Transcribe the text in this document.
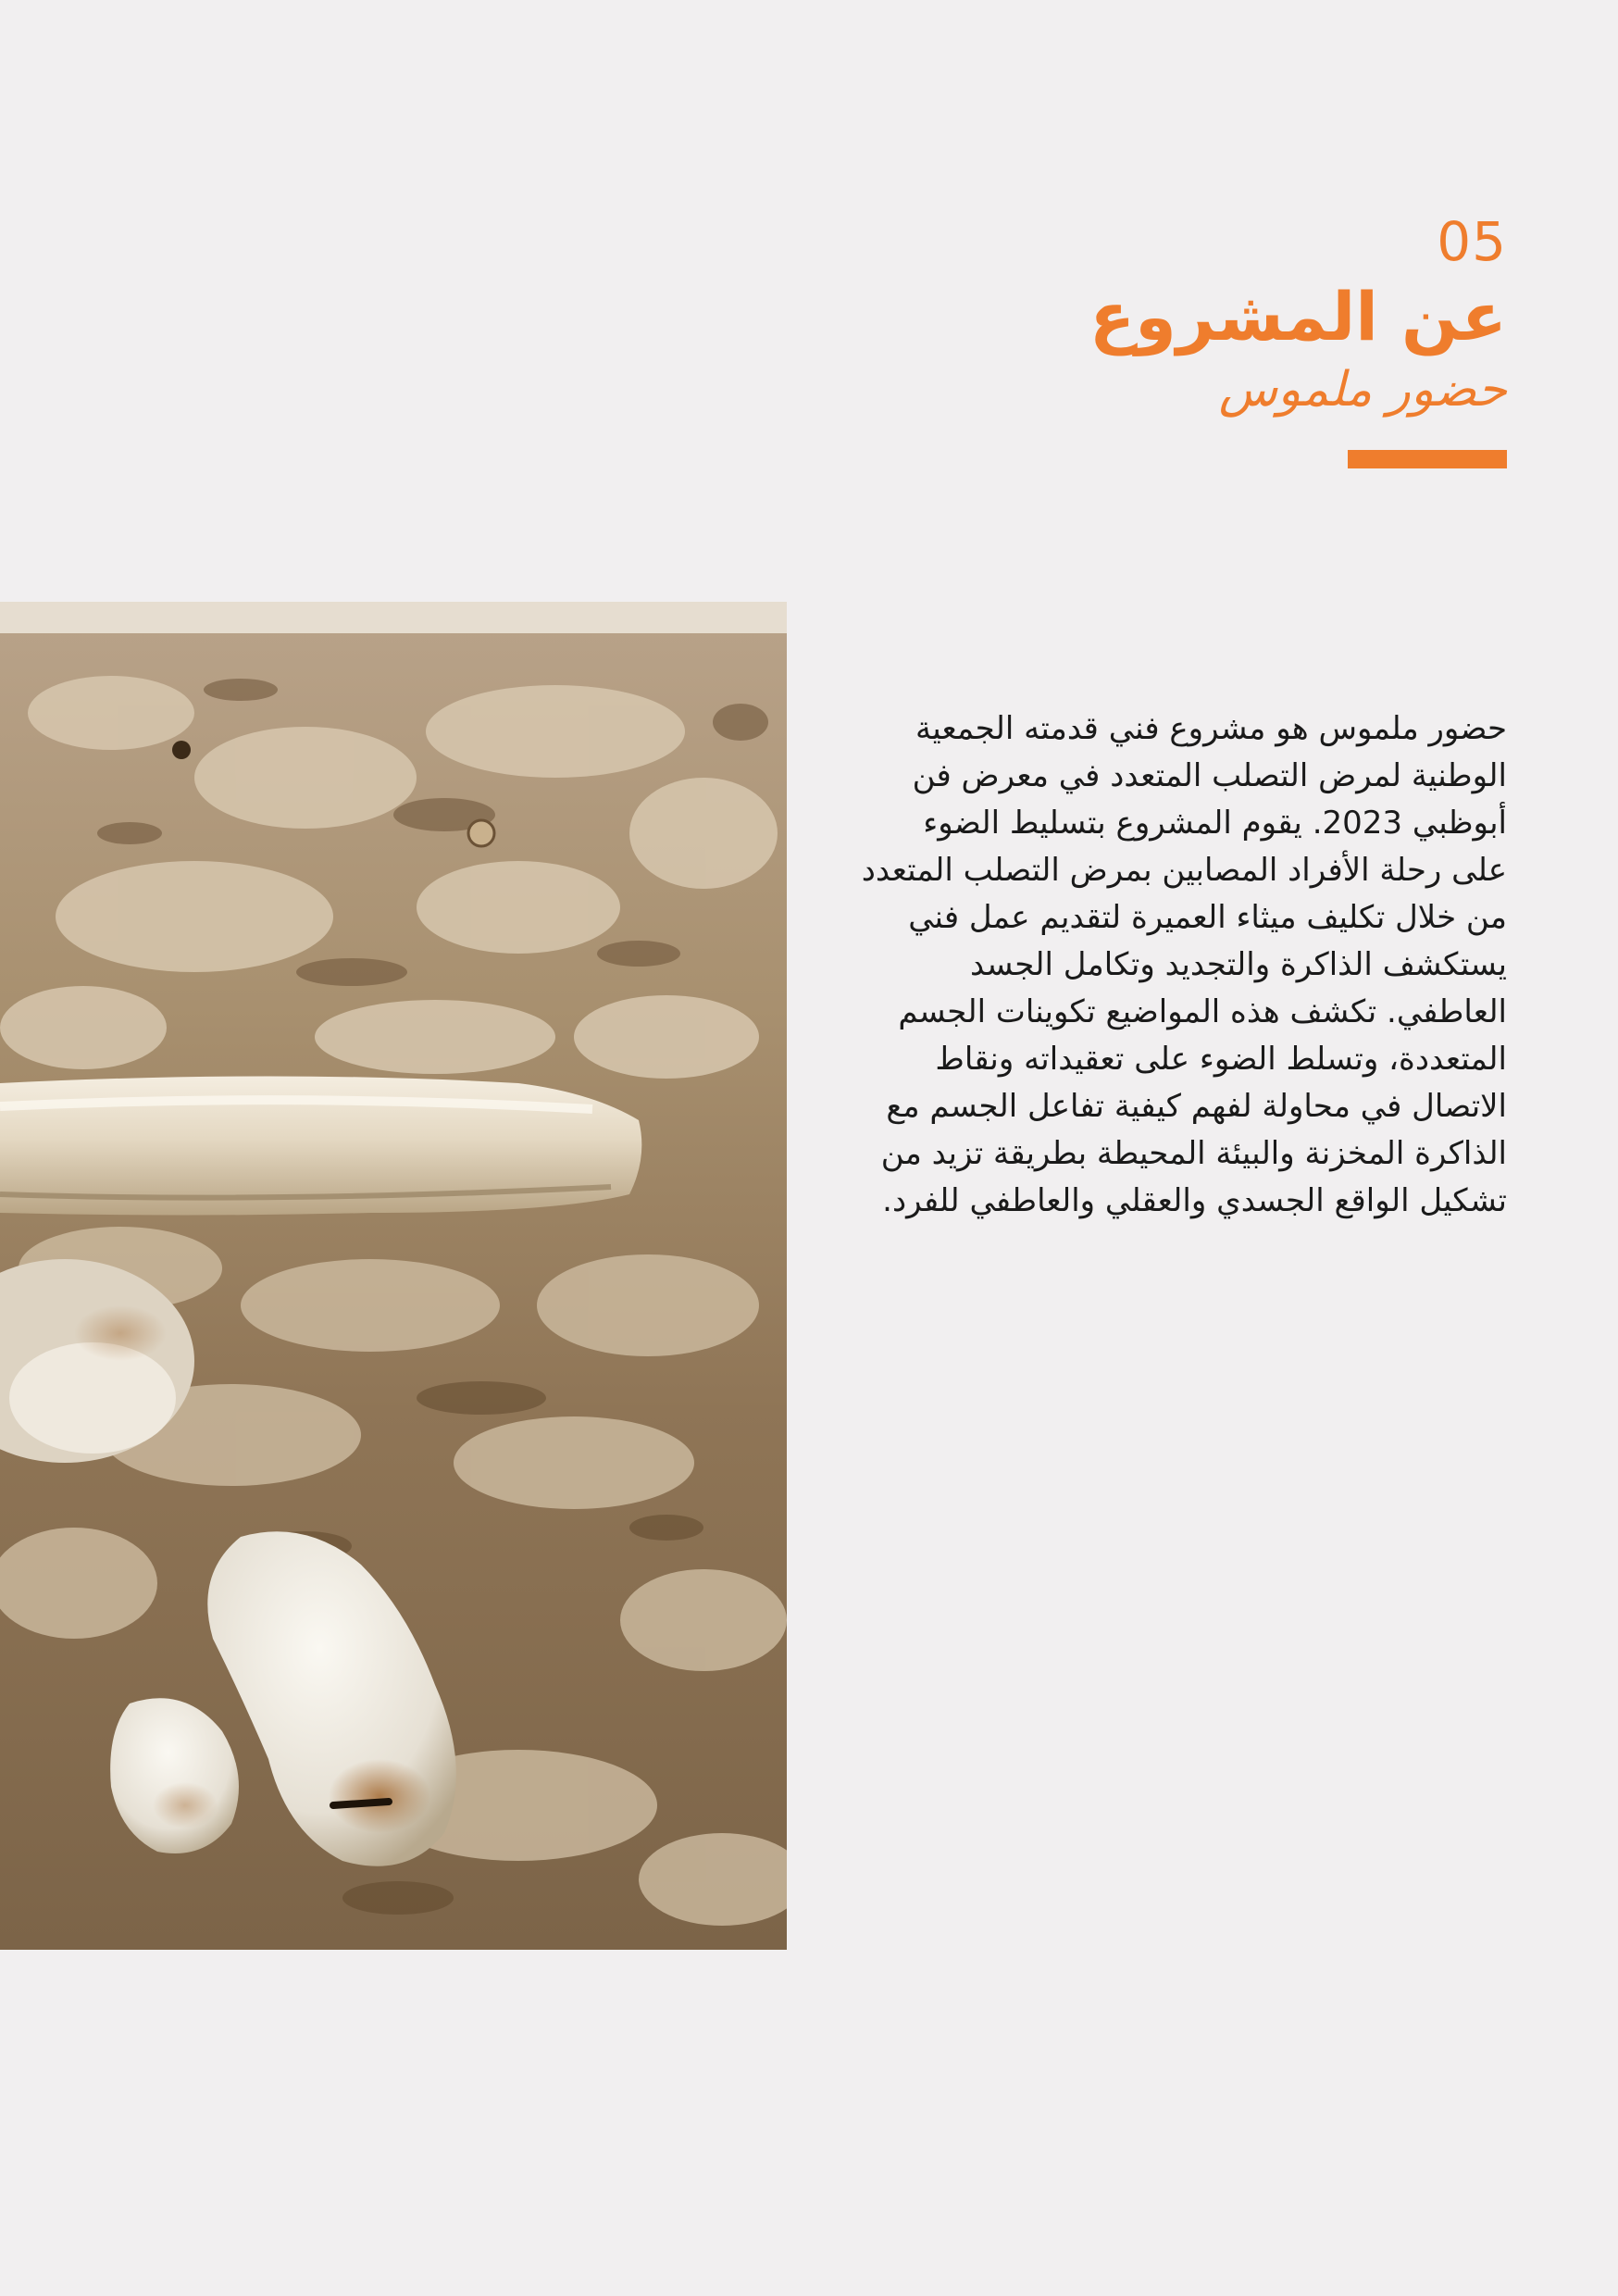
05
عن المشروع
حضور ملموس

حضور ملموس هو مشروع فني قدمته الجمعية الوطنية لمرض التصلب المتعدد في معرض فن أبوظبي 2023. يقوم المشروع بتسليط الضوء على رحلة الأفراد المصابين بمرض التصلب المتعدد من خلال تكليف ميثاء العميرة لتقديم عمل فني يستكشف الذاكرة والتجديد وتكامل الجسد العاطفي. تكشف هذه المواضيع تكوينات الجسم المتعددة، وتسلط الضوء على تعقيداته ونقاط الاتصال في محاولة لفهم كيفية تفاعل الجسم مع الذاكرة المخزنة والبيئة المحيطة بطريقة تزيد من تشكيل الواقع الجسدي والعقلي والعاطفي للفرد.
